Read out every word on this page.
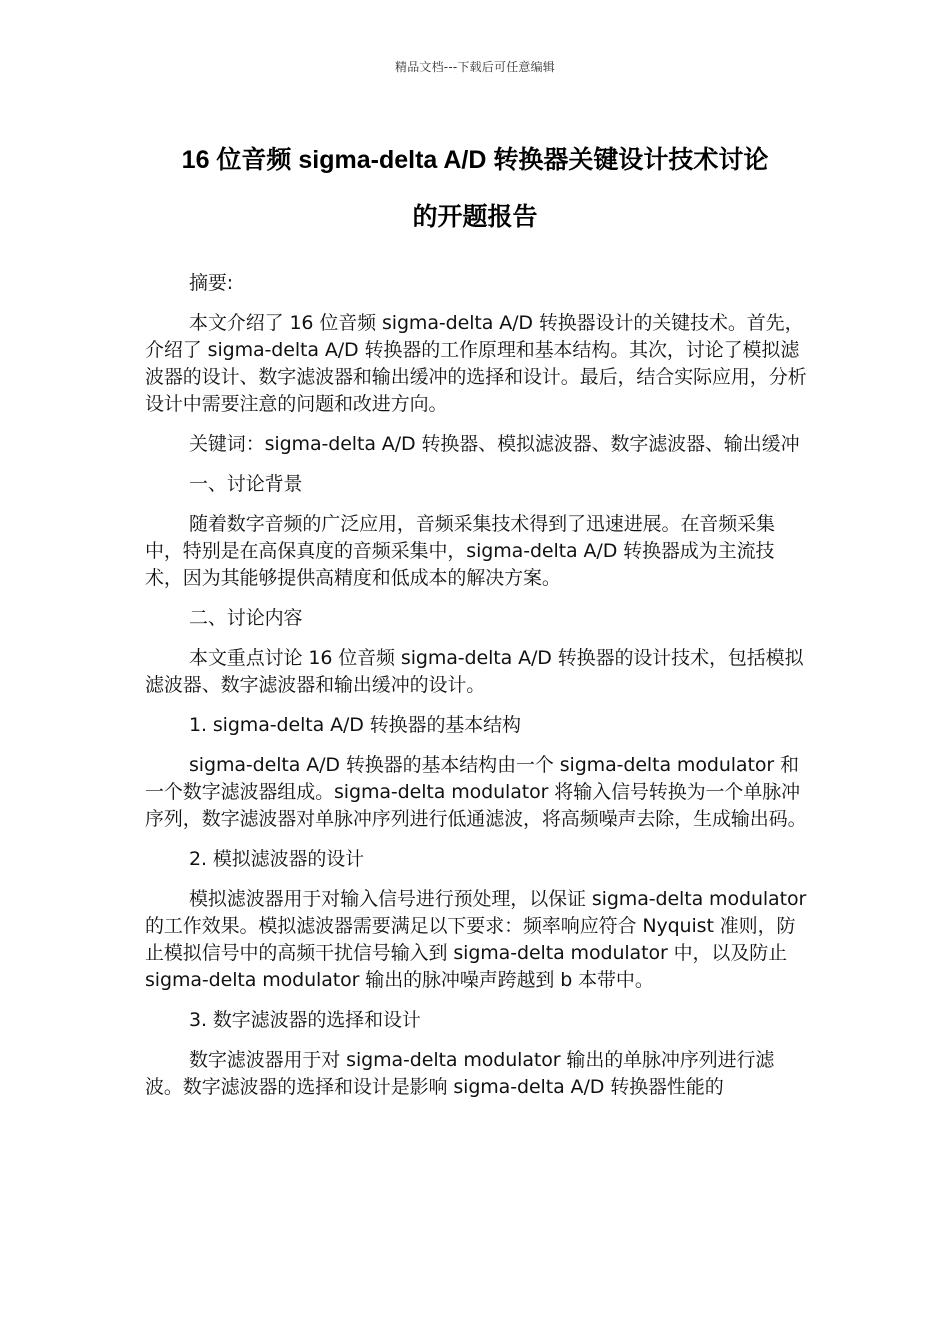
精品文档---下载后可任意编辑
16 位音频 sigma-delta A/D 转换器关键设计技术讨论
的开题报告

摘要:

本文介绍了 16 位音频 sigma-delta A/D 转换器设计的关键技术。首先，介绍了 sigma-delta A/D 转换器的工作原理和基本结构。其次，讨论了模拟滤波器的设计、数字滤波器和输出缓冲的选择和设计。最后，结合实际应用，分析设计中需要注意的问题和改进方向。

关键词：sigma-delta A/D 转换器、模拟滤波器、数字滤波器、输出缓冲

一、讨论背景

随着数字音频的广泛应用，音频采集技术得到了迅速进展。在音频采集中，特别是在高保真度的音频采集中，sigma-delta A/D 转换器成为主流技术，因为其能够提供高精度和低成本的解决方案。

二、讨论内容

本文重点讨论 16 位音频 sigma-delta A/D 转换器的设计技术，包括模拟滤波器、数字滤波器和输出缓冲的设计。

1. sigma-delta A/D 转换器的基本结构

sigma-delta A/D 转换器的基本结构由一个 sigma-delta modulator 和一个数字滤波器组成。sigma-delta modulator 将输入信号转换为一个单脉冲序列，数字滤波器对单脉冲序列进行低通滤波，将高频噪声去除，生成输出码。

2. 模拟滤波器的设计

模拟滤波器用于对输入信号进行预处理，以保证 sigma-delta modulator 的工作效果。模拟滤波器需要满足以下要求：频率响应符合 Nyquist 准则，防止模拟信号中的高频干扰信号输入到 sigma-delta modulator 中，以及防止 sigma-delta modulator 输出的脉冲噪声跨越到 b 本带中。

3. 数字滤波器的选择和设计

数字滤波器用于对 sigma-delta modulator 输出的单脉冲序列进行滤波。数字滤波器的选择和设计是影响 sigma-delta A/D 转换器性能的
